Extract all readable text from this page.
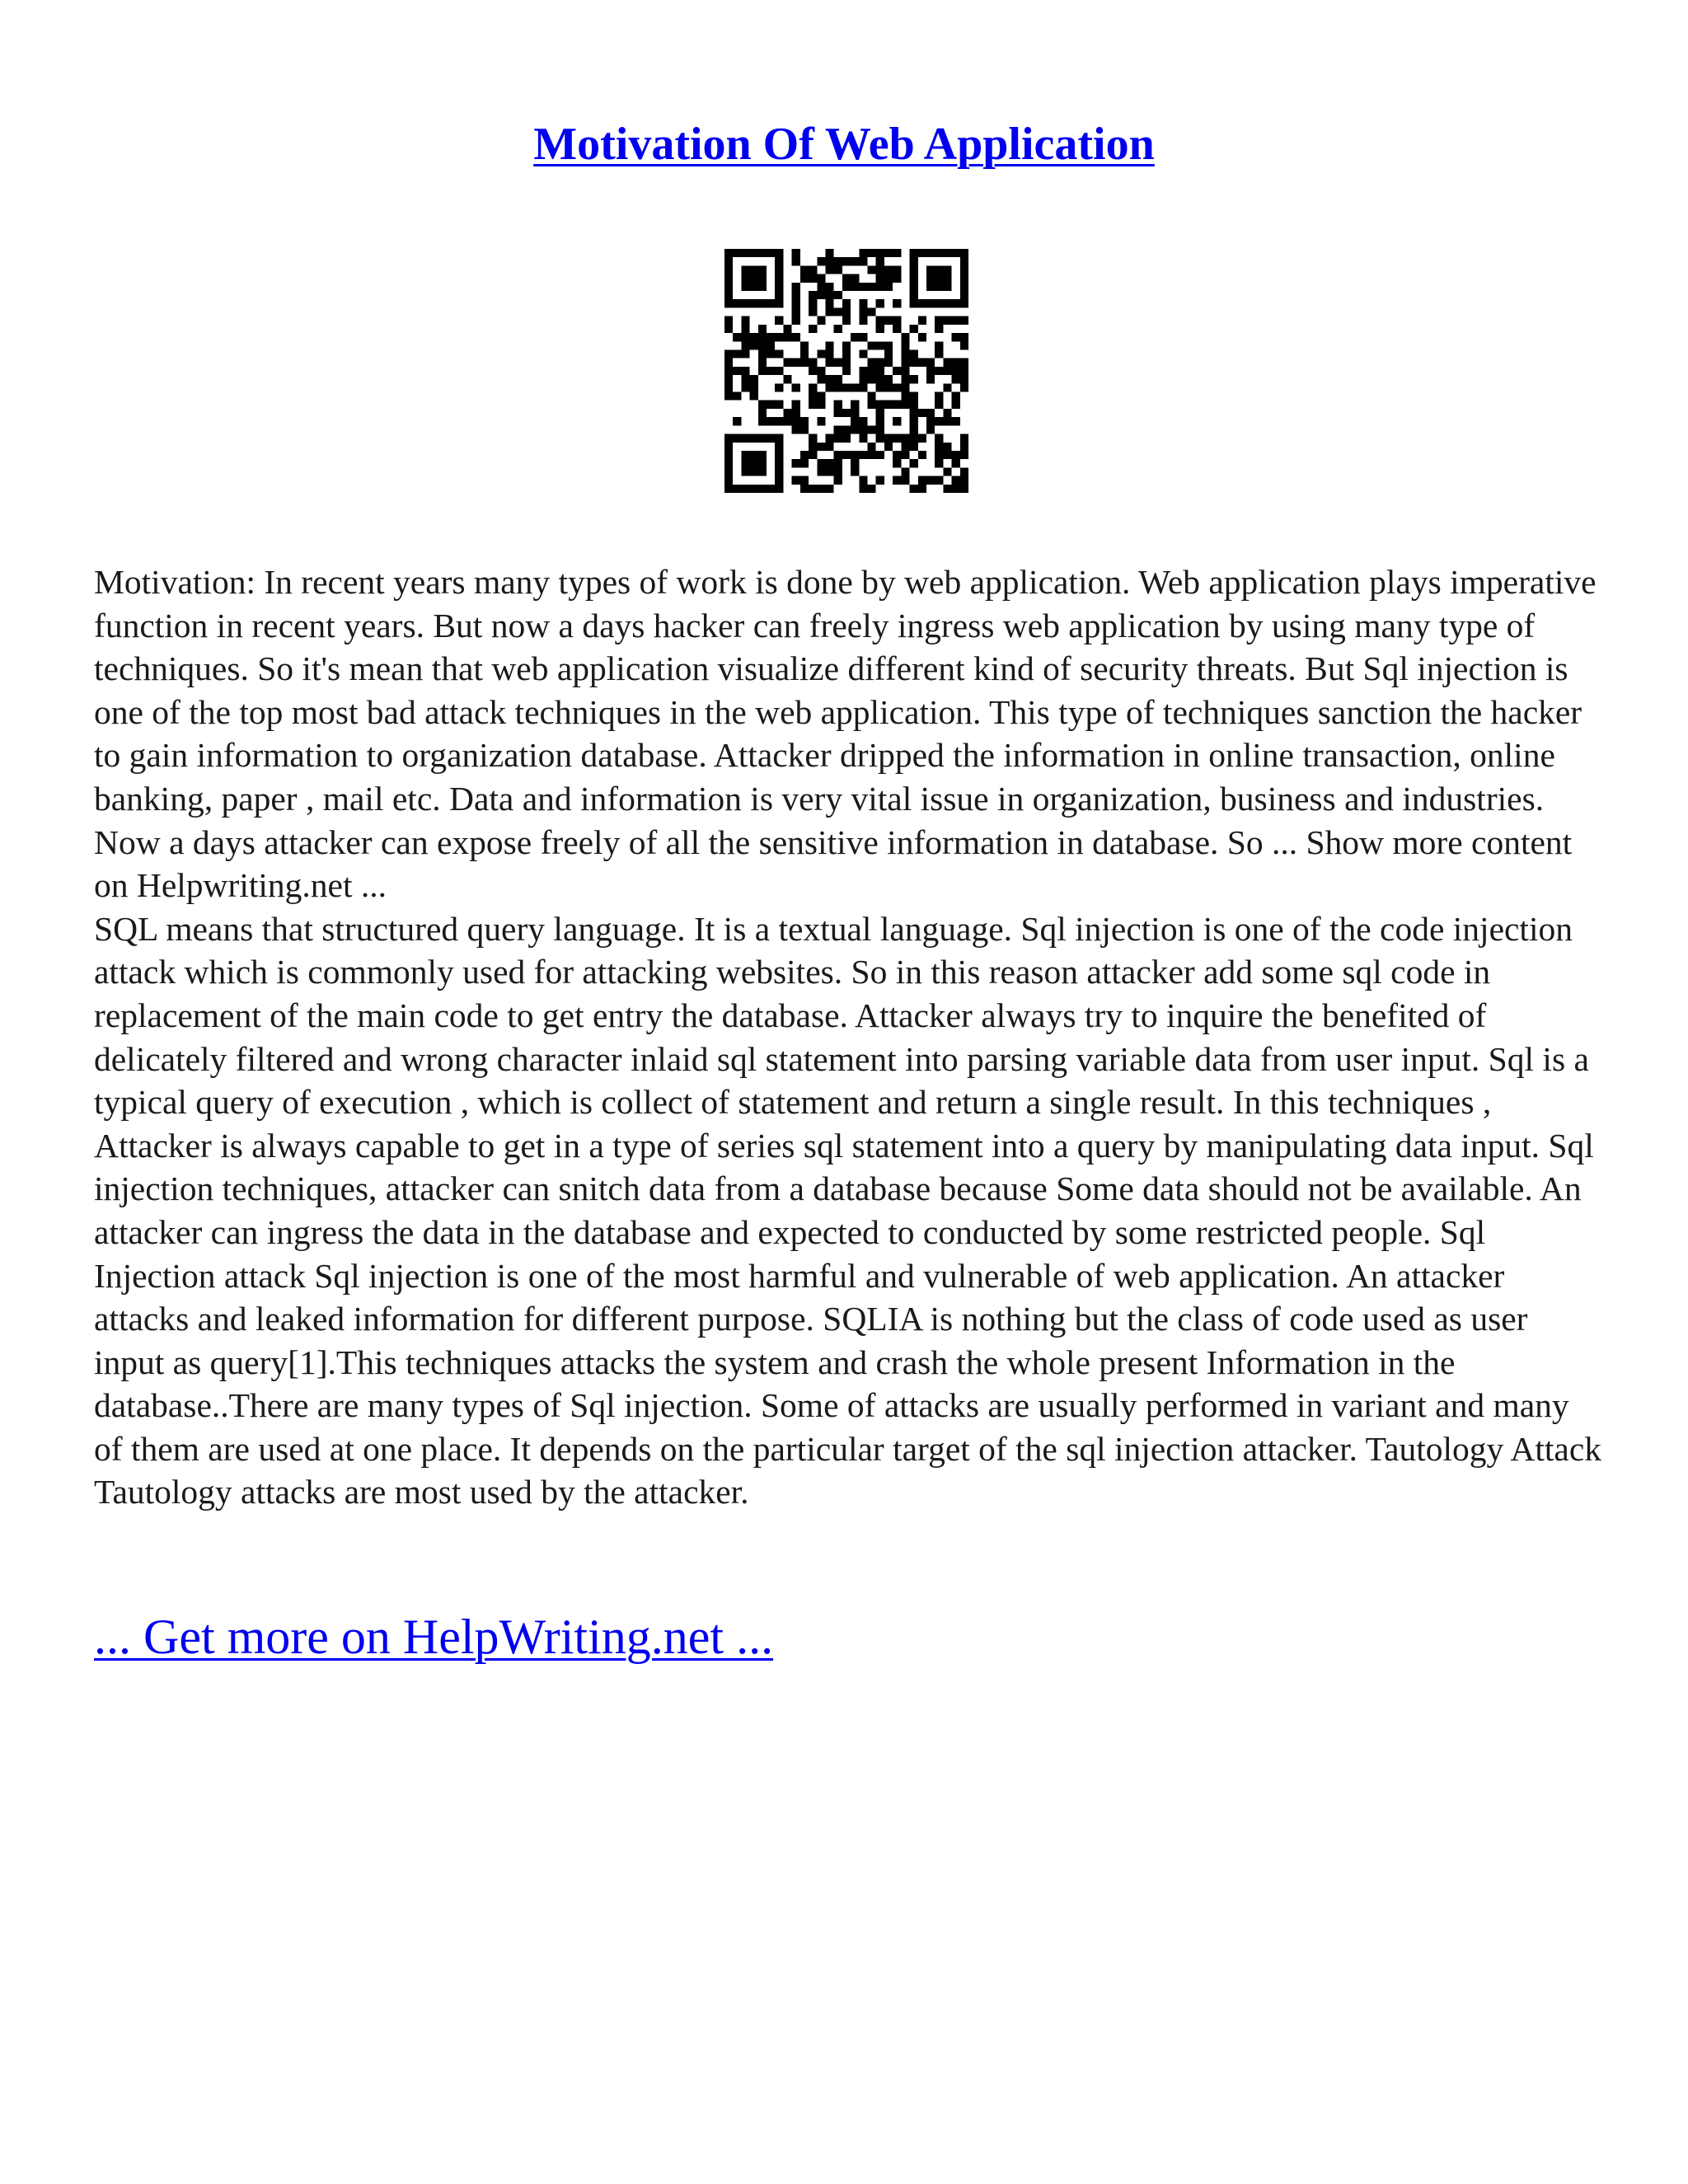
Motivation Of Web Application

Motivation: In recent years many types of work is done by web application. Web application plays imperative function in recent years. But now a days hacker can freely ingress web application by using many type of techniques. So it's mean that web application visualize different kind of security threats. But Sql injection is one of the top most bad attack techniques in the web application. This type of techniques sanction the hacker to gain information to organization database. Attacker dripped the information in online transaction, online banking, paper , mail etc. Data and information is very vital issue in organization, business and industries. Now a days attacker can expose freely of all the sensitive information in database. So ... Show more content on Helpwriting.net ...

SQL means that structured query language. It is a textual language. Sql injection is one of the code injection attack which is commonly used for attacking websites. So in this reason attacker add some sql code in replacement of the main code to get entry the database. Attacker always try to inquire the benefited of delicately filtered and wrong character inlaid sql statement into parsing variable data from user input. Sql is a typical query of execution , which is collect of statement and return a single result. In this techniques , Attacker is always capable to get in a type of series sql statement into a query by manipulating data input. Sql injection techniques, attacker can snitch data from a database because Some data should not be available. An attacker can ingress the data in the database and expected to conducted by some restricted people. Sql Injection attack Sql injection is one of the most harmful and vulnerable of web application. An attacker attacks and leaked information for different purpose. SQLIA is nothing but the class of code used as user input as query[1].This techniques attacks the system and crash the whole present Information in the database..There are many types of Sql injection. Some of attacks are usually performed in variant and many of them are used at one place. It depends on the particular target of the sql injection attacker. Tautology Attack Tautology attacks are most used by the attacker.

... Get more on HelpWriting.net ...
